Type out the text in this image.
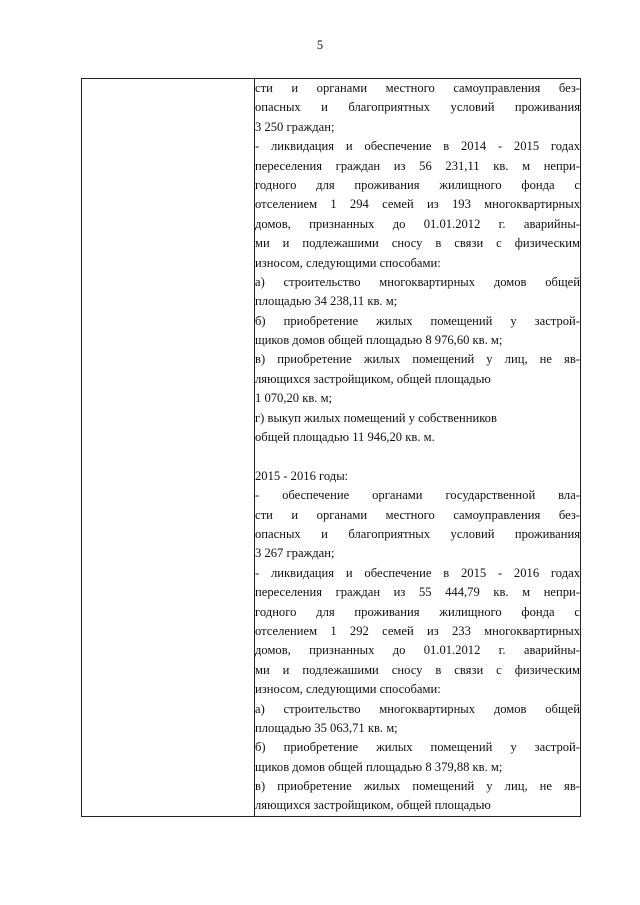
5

сти и органами местного самоуправления без-
опасных и благоприятных условий проживания
3 250 граждан;
- ликвидация и обеспечение в 2014 - 2015 годах
переселения граждан из 56 231,11 кв. м непри-
годного для проживания жилищного фонда с
отселением 1 294 семей из 193 многоквартирных
домов, признанных до 01.01.2012 г. аварийны-
ми и подлежашими сносу в связи с физическим
износом, следующими способами:
а) строительство многоквартирных домов общей
площадью 34 238,11 кв. м;
б) приобретение жилых помещений у застрой-
щиков домов общей площадью 8 976,60 кв. м;
в) приобретение жилых помещений у лиц, не яв-
ляющихся застройщиком, общей площадью
1 070,20 кв. м;
г) выкуп жилых помещений у собственников
общей площадью 11 946,20 кв. м.
2015 - 2016 годы:
- обеспечение органами государственной вла-
сти и органами местного самоуправления без-
опасных и благоприятных условий проживания
3 267 граждан;
- ликвидация и обеспечение в 2015 - 2016 годах
переселения граждан из 55 444,79 кв. м непри-
годного для проживания жилищного фонда с
отселением 1 292 семей из 233 многоквартирных
домов, признанных до 01.01.2012 г. аварийны-
ми и подлежашими сносу в связи с физическим
износом, следующими способами:
а) строительство многоквартирных домов общей
площадью 35 063,71 кв. м;
б) приобретение жилых помещений у застрой-
щиков домов общей площадью 8 379,88 кв. м;
в) приобретение жилых помещений у лиц, не яв-
ляющихся застройщиком, общей площадью
